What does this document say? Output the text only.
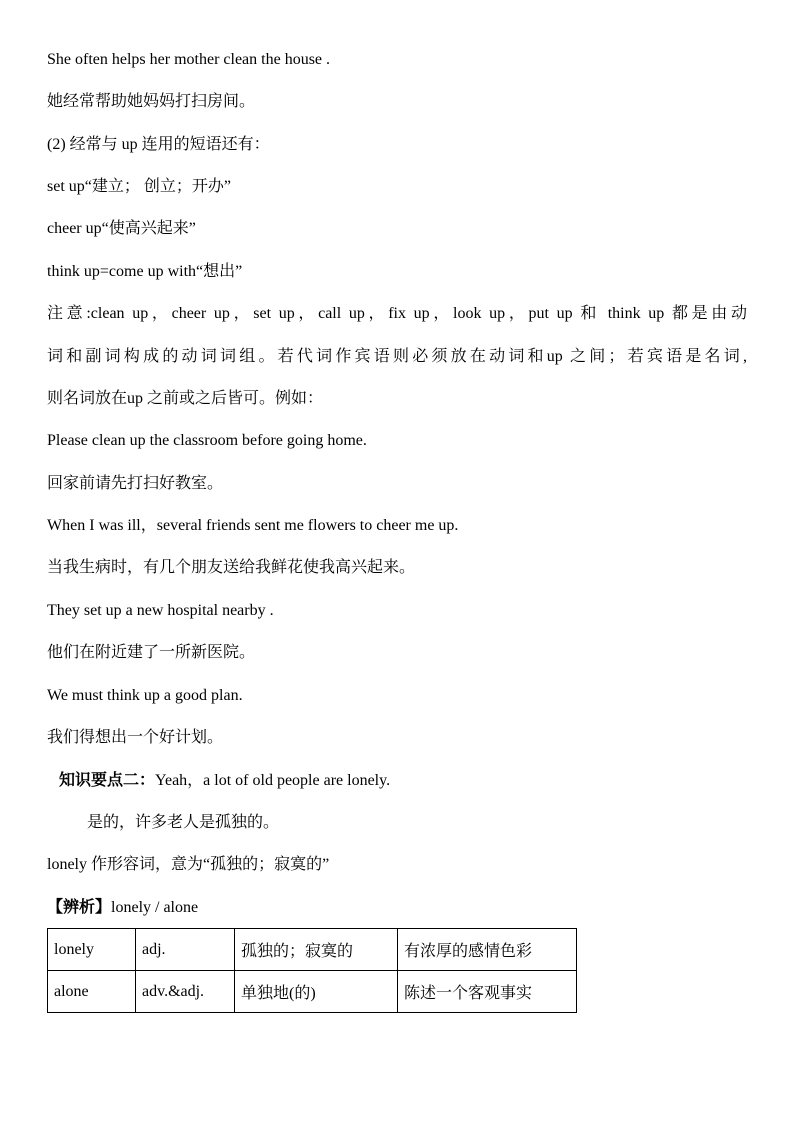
She often helps her mother clean the house .
她经常帮助她妈妈打扫房间。
(2) 经常与 up 连用的短语还有：
set up“建立； 创立；开办”
cheer up“使高兴起来”
think up=come up with“想出”
注意:clean up，cheer up，set up，call up，fix up，look up，put up 和 think up 都是由动
词和副词构成的动词词组。若代词作宾语则必须放在动词和up 之间；若宾语是名词,
则名词放在up 之前或之后皆可。例如：
Please clean up the classroom before going home.
回家前请先打扫好教室。
When I was ill，several friends sent me flowers to cheer me up.
当我生病时，有几个朋友送给我鲜花使我高兴起来。
They set up a new hospital nearby .
他们在附近建了一所新医院。
We must think up a good plan.
我们得想出一个好计划。
知识要点二：Yeah，a lot of old people are lonely.
是的，许多老人是孤独的。
lonely 作形容词，意为“孤独的；寂寞的”
【辨析】lonely / alone
lonely	adj.	孤独的；寂寞的	有浓厚的感情色彩
alone	adv.&adj.	单独地(的)	陈述一个客观事实
